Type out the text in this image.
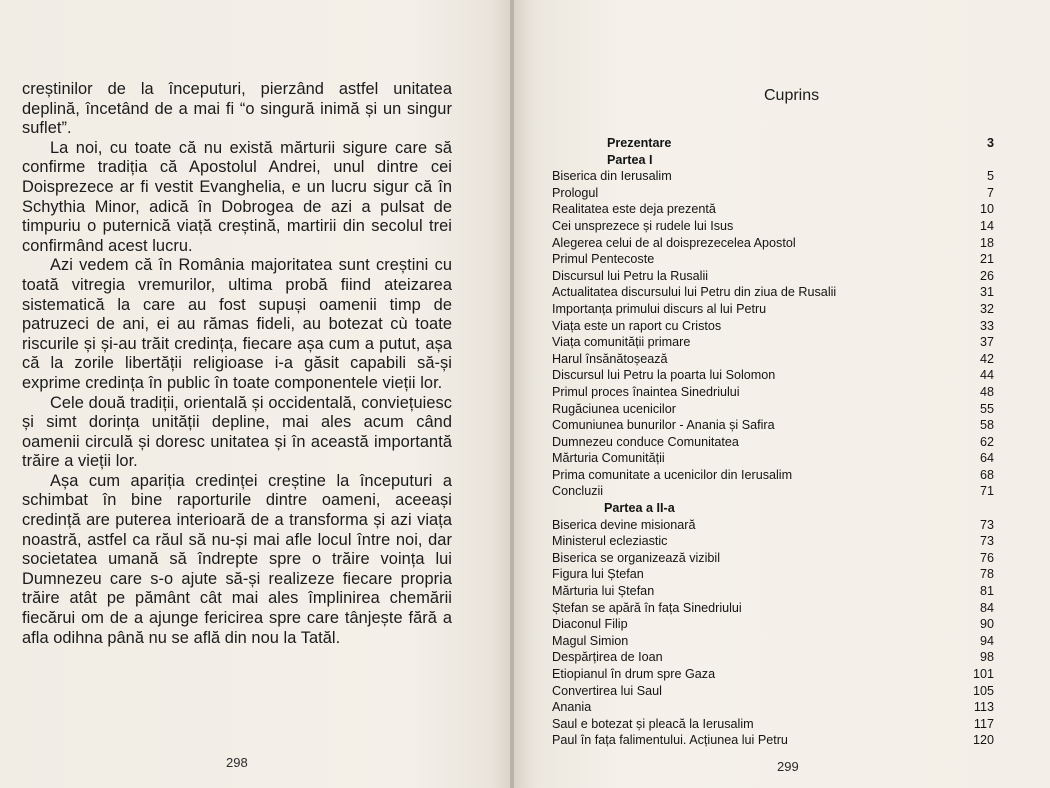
creștinilor de la începuturi, pierzând astfel unitatea deplină, încetând de a mai fi “o singură inimă și un singur suflet”.

La noi, cu toate că nu există mărturii sigure care să confirme tradiția că Apostolul Andrei, unul dintre cei Doisprezece ar fi vestit Evanghelia, e un lucru sigur că în Schythia Minor, adică în Dobrogea de azi a pulsat de timpuriu o puternică viață creștină, martirii din secolul trei confirmând acest lucru.

Azi vedem că în România majoritatea sunt creștini cu toată vitregia vremurilor, ultima probă fiind ateizarea sistematică la care au fost supuși oamenii timp de patruzeci de ani, ei au rămas fideli, au botezat cù toate riscurile și și-au trăit credința, fiecare așa cum a putut, așa că la zorile libertății religioase i-a găsit capabili să-și exprime credința în public în toate componentele vieții lor.

Cele două tradiții, orientală și occidentală, conviețuiesc și simt dorința unității depline, mai ales acum când oamenii circulă și doresc unitatea și în această importantă trăire a vieții lor.

Așa cum apariția credinței creștine la începuturi a schimbat în bine raporturile dintre oameni, aceeași credință are puterea interioară de a transforma și azi viața noastră, astfel ca răul să nu-și mai afle locul între noi, dar societatea umană să îndrepte spre o trăire voința lui Dumnezeu care s-o ajute să-și realizeze fiecare propria trăire atât pe pământ cât mai ales împlinirea chemării fiecărui om de a ajunge fericirea spre care tânjește fără a afla odihna până nu se află din nou la Tatăl.

298
Cuprins
Prezentare	3
Partea I
Biserica din Ierusalim	5
Prologul	7
Realitatea este deja prezentă	10
Cei unsprezece și rudele lui Isus	14
Alegerea celui de al doisprezecelea Apostol	18
Primul Pentecoste	21
Discursul lui Petru la Rusalii	26
Actualitatea discursului lui Petru din ziua de Rusalii	31
Importanța primului discurs al lui Petru	32
Viața este un raport cu Cristos	33
Viața comunității primare	37
Harul însănătoșează	42
Discursul lui Petru la poarta lui Solomon	44
Primul proces înaintea Sinedriului	48
Rugăciunea ucenicilor	55
Comuniunea bunurilor - Anania și Safira	58
Dumnezeu conduce Comunitatea	62
Mărturia Comunității	64
Prima comunitate a ucenicilor din Ierusalim	68
Concluzii	71
Partea a II-a
Biserica devine misionară	73
Ministerul ecleziastic	73
Biserica se organizează vizibil	76
Figura lui Ștefan	78
Mărturia lui Ștefan	81
Ștefan se apără în fața Sinedriului	84
Diaconul Filip	90
Magul Simion	94
Despărțirea de Ioan	98
Etiopianul în drum spre Gaza	101
Convertirea lui Saul	105
Anania	113
Saul e botezat și pleacă la Ierusalim	117
Paul în fața falimentului. Acțiunea lui Petru	120
299
